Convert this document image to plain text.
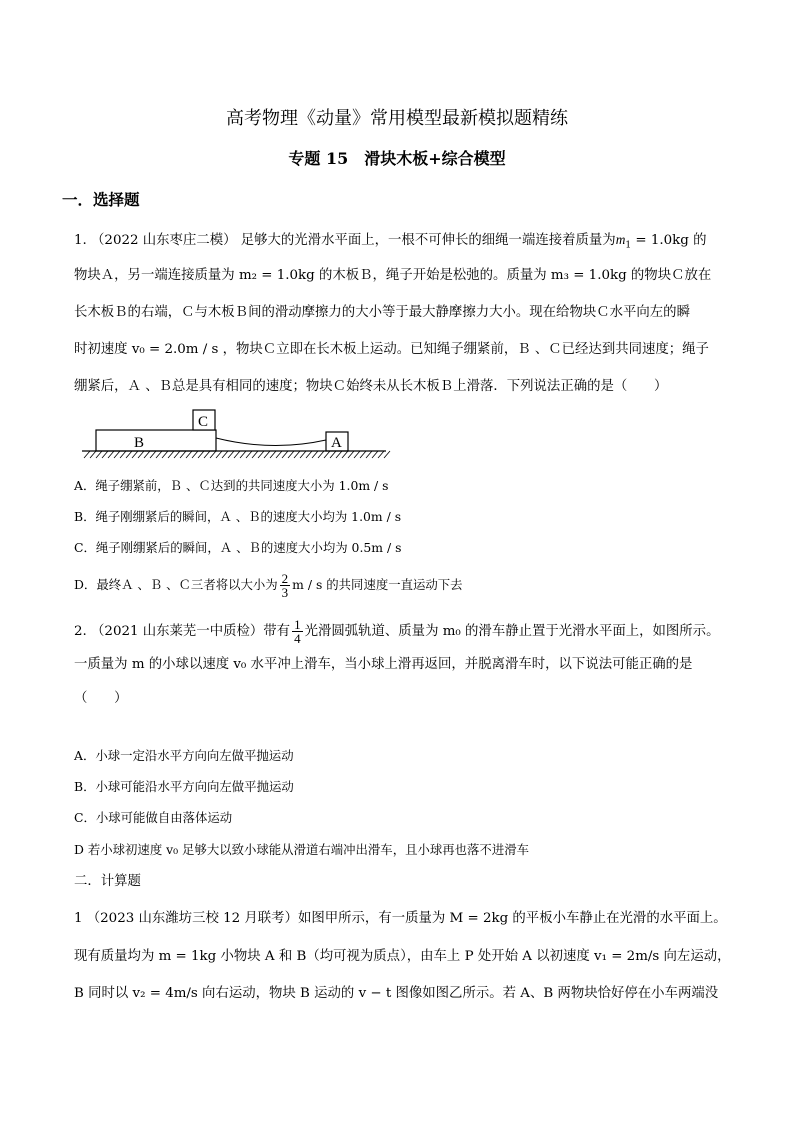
高考物理《动量》常用模型最新模拟题精练
专题 15　滑块木板+综合模型
一．选择题
1. （2022 山东枣庄二模） 足够大的光滑水平面上，一根不可伸长的细绳一端连接着质量为$m_1 = 1.0kg$ 的
物块Ａ，另一端连接质量为 m₂ = 1.0kg 的木板Ｂ，绳子开始是松弛的。质量为 m₃ = 1.0kg 的物块Ｃ放在
长木板Ｂ的右端，Ｃ与木板Ｂ间的滑动摩擦力的大小等于最大静摩擦力大小。现在给物块Ｃ水平向左的瞬
时初速度 v₀ = 2.0m / s ，物块Ｃ立即在长木板上运动。已知绳子绷紧前，Ｂ 、Ｃ已经达到共同速度；绳子
绷紧后，Ａ 、Ｂ总是具有相同的速度；物块Ｃ始终未从长木板Ｂ上滑落．下列说法正确的是（　　）
B
C
A
A．绳子绷紧前，Ｂ 、Ｃ达到的共同速度大小为 1.0m / s
B．绳子刚绷紧后的瞬间，Ａ 、Ｂ的速度大小均为 1.0m / s
C．绳子刚绷紧后的瞬间，Ａ 、Ｂ的速度大小均为 0.5m / s
D．最终Ａ 、Ｂ 、Ｃ三者将以大小为 $\frac{2}{3}$ m / s 的共同速度一直运动下去
2. （2021 山东莱芜一中质检）带有 $\frac{1}{4}$ 光滑圆弧轨道、质量为 m₀ 的滑车静止置于光滑水平面上，如图所示。
一质量为 m 的小球以速度 v₀ 水平冲上滑车，当小球上滑再返回，并脱离滑车时，以下说法可能正确的是
（　　）
A．小球一定沿水平方向向左做平抛运动
B．小球可能沿水平方向向左做平抛运动
C．小球可能做自由落体运动
D 若小球初速度 v₀ 足够大以致小球能从滑道右端冲出滑车，且小球再也落不进滑车
二．计算题
1 （2023 山东潍坊三校 12 月联考）如图甲所示，有一质量为 M = 2kg 的平板小车静止在光滑的水平面上。
现有质量均为 m = 1kg 小物块 A 和 B（均可视为质点），由车上 P 处开始 A 以初速度 v₁ = 2m/s 向左运动，
B 同时以 v₂ = 4m/s 向右运动，物块 B 运动的 v − t 图像如图乙所示。若 A、B 两物块恰好停在小车两端没
